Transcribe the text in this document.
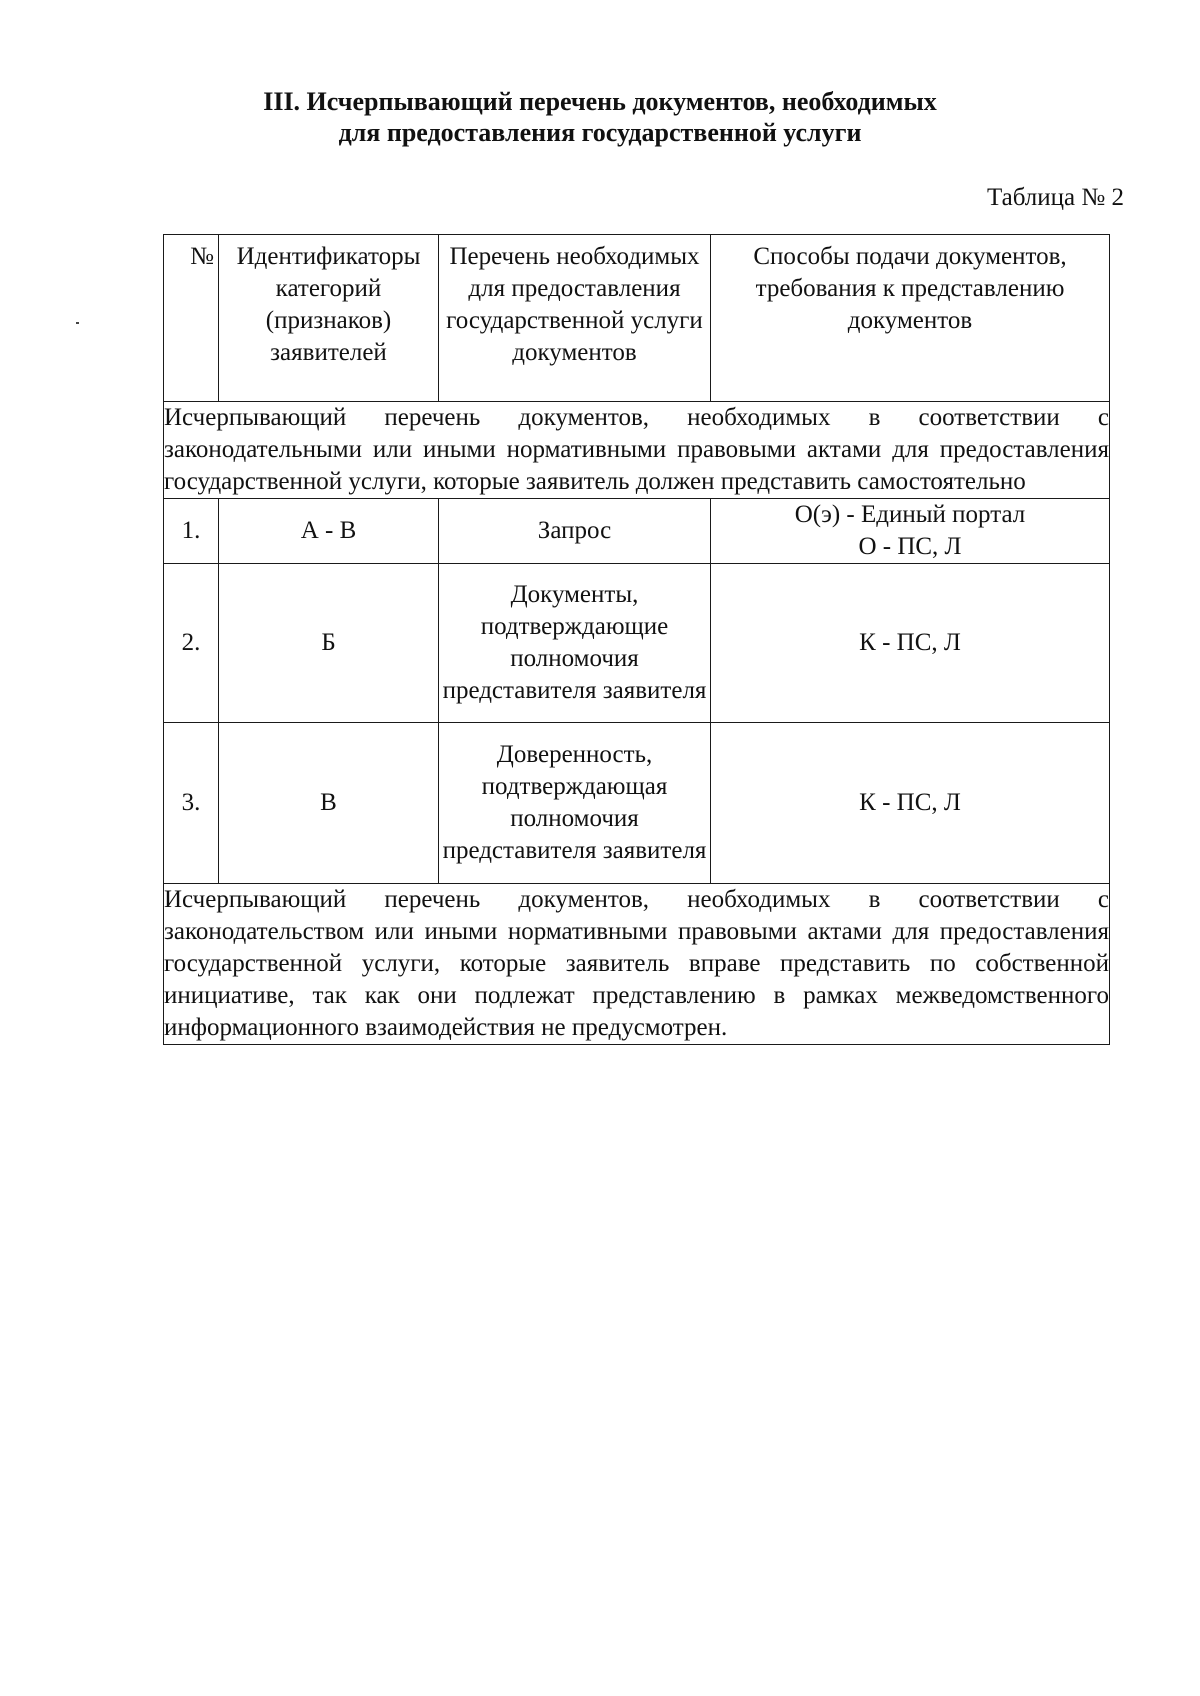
III. Исчерпывающий перечень документов, необходимых
для предоставления государственной услуги

Таблица № 2

№	Идентификаторы категорий (признаков) заявителей	Перечень необходимых для предоставления государственной услуги документов	Способы подачи документов, требования к представлению документов
Исчерпывающий перечень документов, необходимых в соответствии с законодательными или иными нормативными правовыми актами для предоставления государственной услуги, которые заявитель должен представить самостоятельно			
1.	А - В	Запрос	О(э) - Единый портал
О - ПС, Л

2.	Б	Документы, подтверждающие полномочия представителя заявителя	К - ПС, Л
3.	В	Доверенность, подтверждающая полномочия представителя заявителя	К - ПС, Л
Исчерпывающий перечень документов, необходимых в соответствии с законодательством или иными нормативными правовыми актами для предоставления государственной услуги, которые заявитель вправе представить по собственной инициативе, так как они подлежат представлению в рамках межведомственного информационного взаимодействия не предусмотрен.			
